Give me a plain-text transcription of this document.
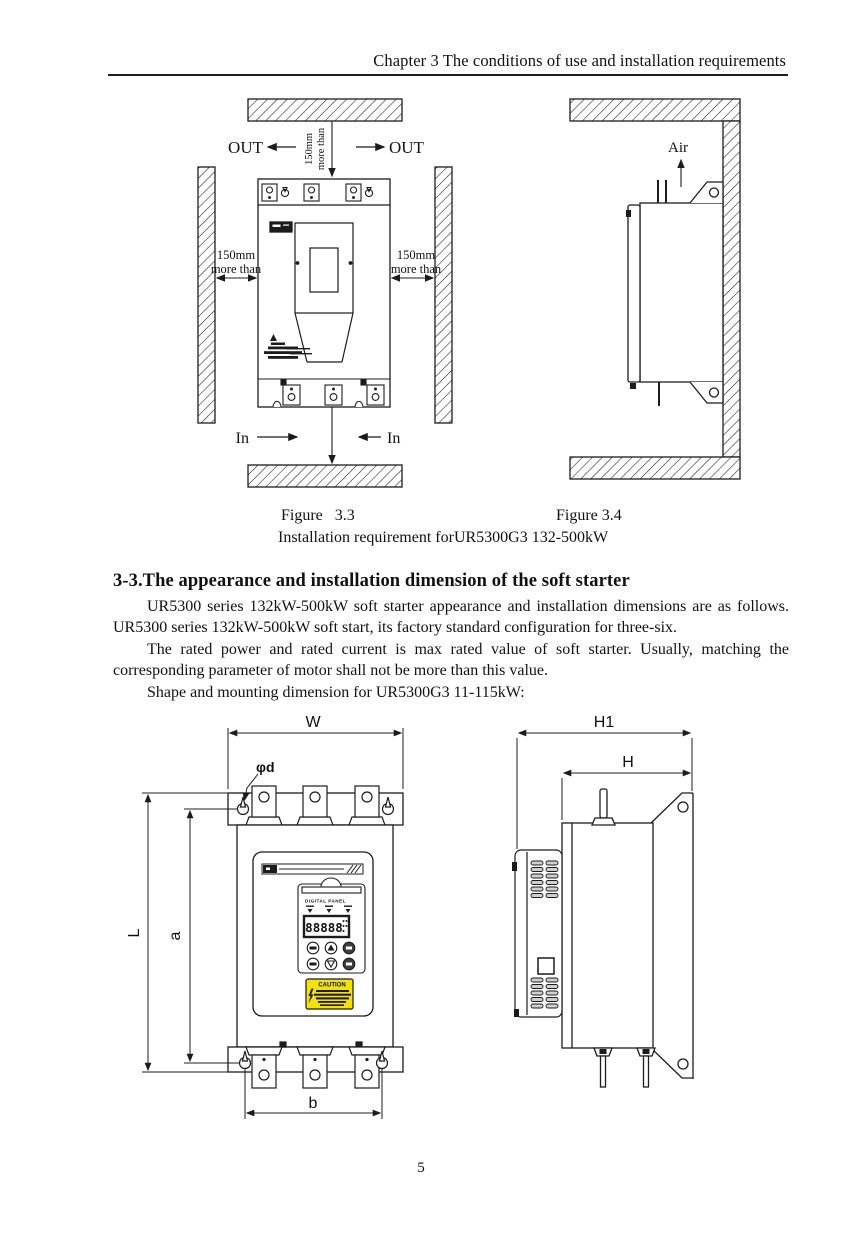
Chapter 3 The conditions of use and installation requirements
OUT	OUT
150mm more than
150mm
more than
150mm
more than
In	In
Air
Figure   3.3	Figure 3.4
Installation requirement forUR5300G3 132-500kW
3-3.The appearance and installation dimension of the soft starter

UR5300 series 132kW-500kW soft starter appearance and installation dimensions are as follows. UR5300 series 132kW-500kW soft start, its factory standard configuration for three-six.

The rated power and rated current is max rated value of soft starter. Usually, matching the corresponding parameter of motor shall not be more than this value.

Shape and mounting dimension for UR5300G3 11-115kW:

DIGITAL PANEL
88888
CAUTION
W
φd
L a
b
H1
H
5
